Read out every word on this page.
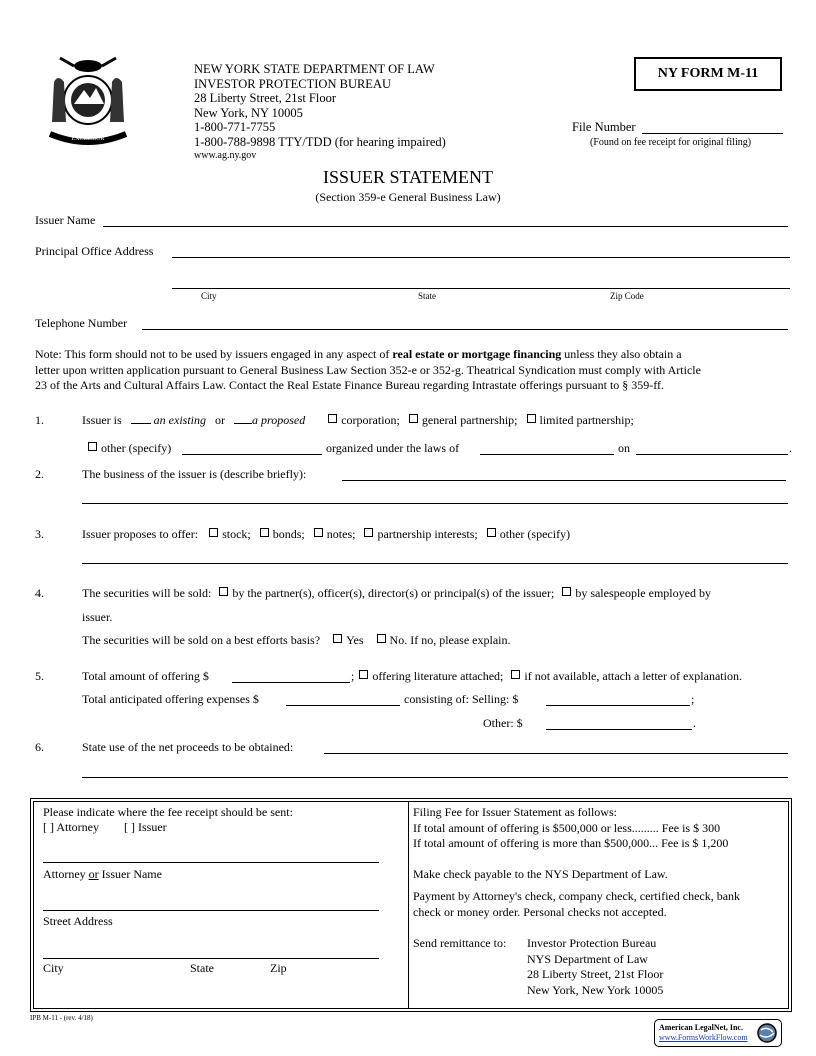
EXCELSIOR
NEW YORK STATE DEPARTMENT OF LAW
INVESTOR PROTECTION BUREAU
28 Liberty Street, 21st Floor
New York, NY 10005
1-800-771-7755
1-800-788-9898 TTY/TDD (for hearing impaired)
www.ag.ny.gov
NY FORM M-11
File Number
(Found on fee receipt for original filing)
ISSUER STATEMENT
(Section 359-e General Business Law)
Issuer Name
Principal Office Address
City	State	Zip Code
Telephone Number
Note: This form should not to be used by issuers engaged in any aspect of real estate or mortgage financing unless they also obtain a
letter upon written application pursuant to General Business Law Section 352-e or 352-g. Theatrical Syndication must comply with Article
23 of the Arts and Cultural Affairs Law. Contact the Real Estate Finance Bureau regarding Intrastate offerings pursuant to § 359-ff.
1.	Issuer is	an existing or a proposed	corporation; general partnership; limited partnership;
other (specify)	organized under the laws of	on	.
2.	The business of the issuer is (describe briefly):
3.	Issuer proposes to offer: stock; bonds; notes; partnership interests; other (specify)
4.	The securities will be sold: by the partner(s), officer(s), director(s) or principal(s) of the issuer; by salespeople employed by
issuer.
The securities will be sold on a best efforts basis? Yes No. If no, please explain.
5.	Total amount of offering $	; offering literature attached; if not available, attach a letter of explanation.
Total anticipated offering expenses $	consisting of: Selling: $	;
Other: $	.
6.	State use of the net proceeds to be obtained:
Please indicate where the fee receipt should be sent:
[ ] Attorney [ ] Issuer
Attorney or Issuer Name
Street Address
City	State	Zip
Filing Fee for Issuer Statement as follows:
If total amount of offering is $500,000 or less......... Fee is $ 300
If total amount of offering is more than $500,000... Fee is $ 1,200
Make check payable to the NYS Department of Law.
Payment by Attorney's check, company check, certified check, bank
check or money order. Personal checks not accepted.
Send remittance to: Investor Protection Bureau
NYS Department of Law
28 Liberty Street, 21st Floor
New York, New York 10005
IPB M-11 - (rev. 4/18)
American LegalNet, Inc.
www.FormsWorkFlow.com
